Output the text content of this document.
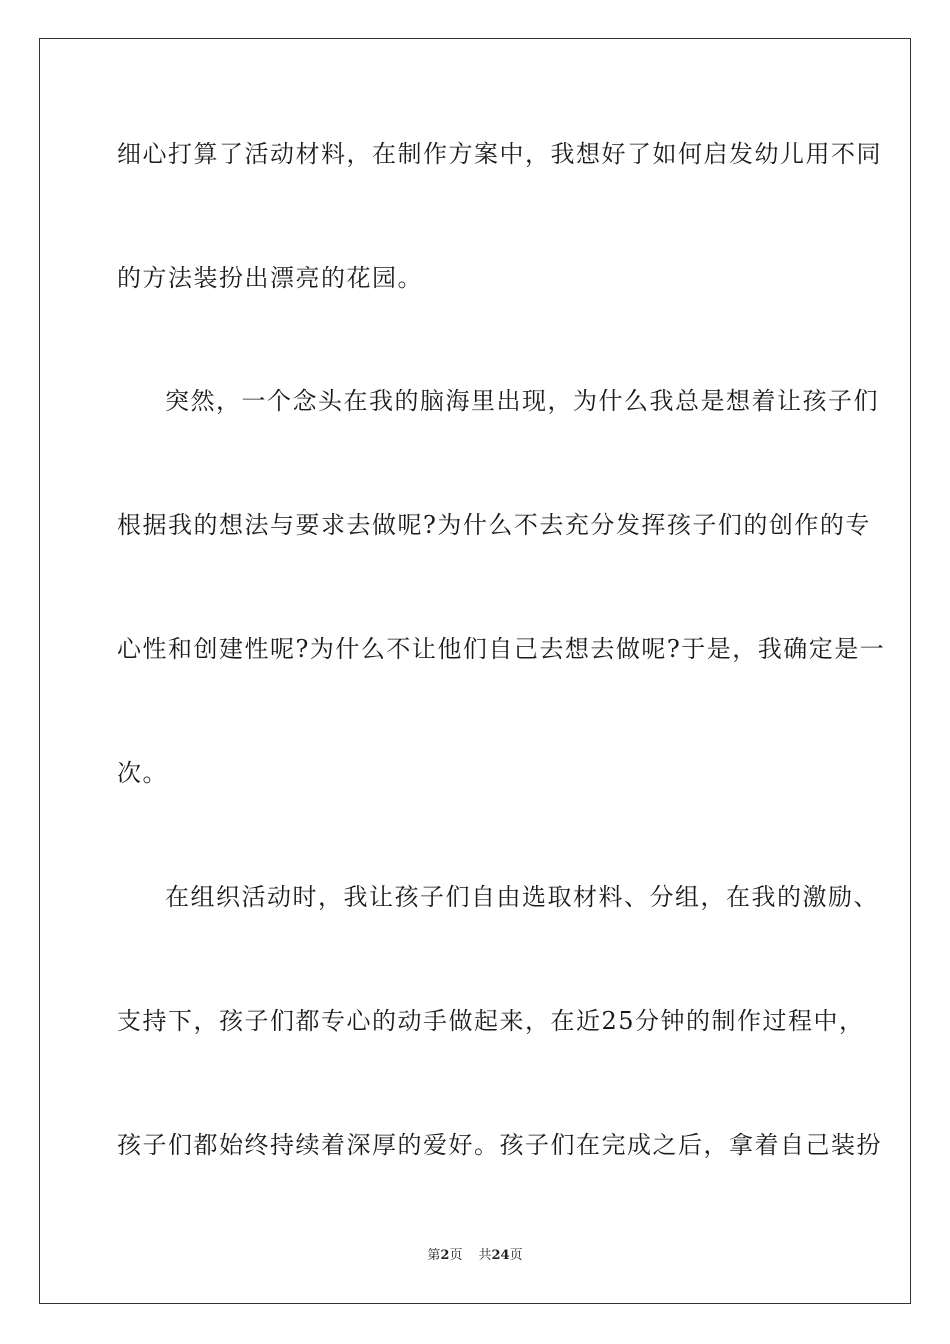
细心打算了活动材料，在制作方案中，我想好了如何启发幼儿用不同
的方法装扮出漂亮的花园。
突然，一个念头在我的脑海里出现，为什么我总是想着让孩子们
根据我的想法与要求去做呢?为什么不去充分发挥孩子们的创作的专
心性和创建性呢?为什么不让他们自己去想去做呢?于是，我确定是一
次。
在组织活动时，我让孩子们自由选取材料、分组，在我的激励、
支持下，孩子们都专心的动手做起来，在近25分钟的制作过程中，
孩子们都始终持续着深厚的爱好。孩子们在完成之后，拿着自己装扮
第2页 共24页
